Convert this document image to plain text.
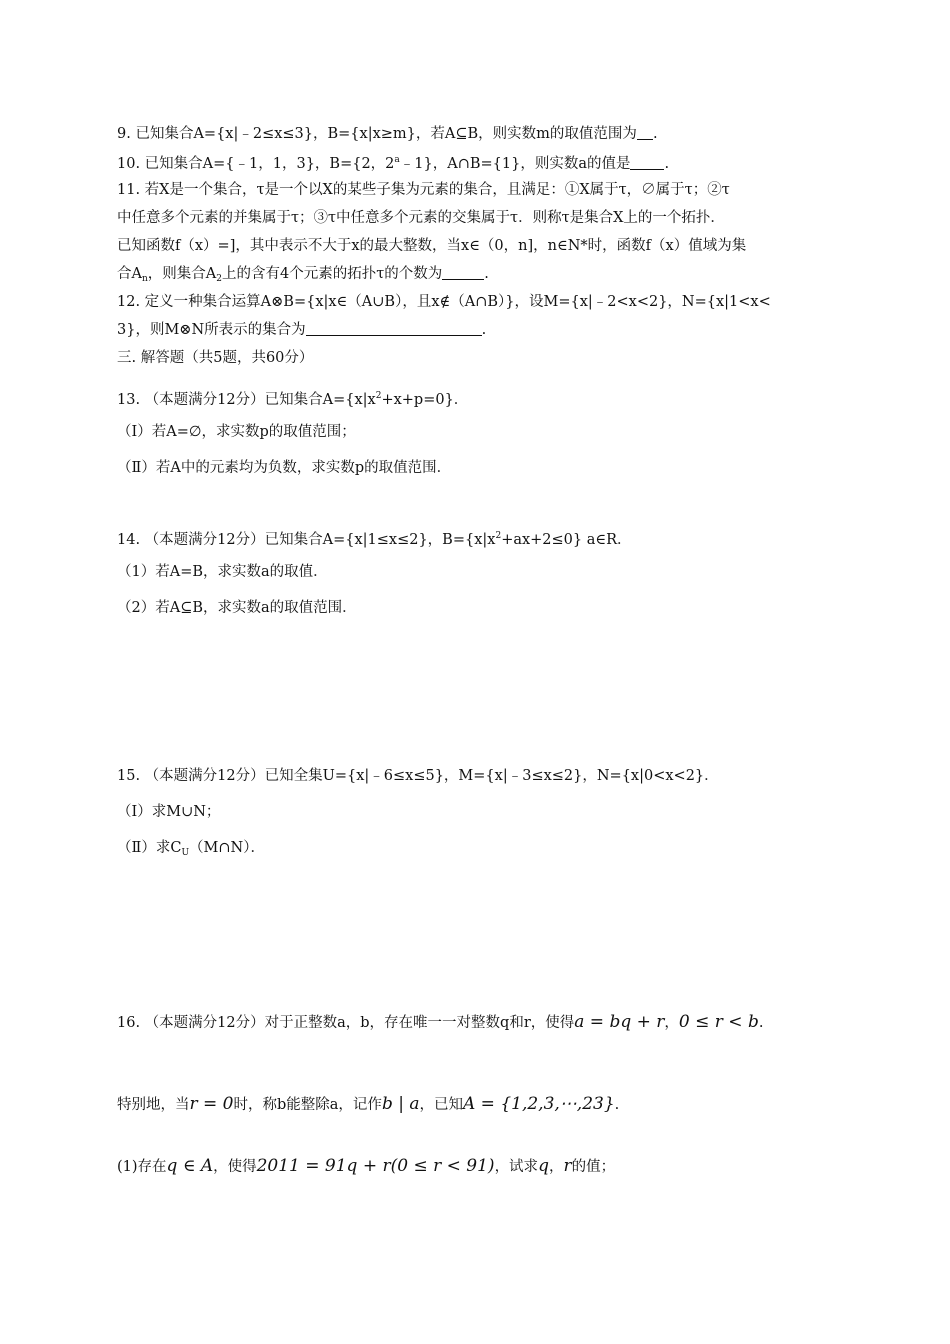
9. 已知集合A={x|﹣2≤x≤3}，B={x|x≥m}，若A⊆B，则实数m的取值范围为 .
10. 已知集合A={﹣1，1，3}，B={2，2$^a$﹣1}，A∩B={1}，则实数a的值是 .
11. 若X是一个集合，τ是一个以X的某些子集为元素的集合，且满足：①X属于τ，∅属于τ；②τ
中任意多个元素的并集属于τ；③τ中任意多个元素的交集属于τ．则称τ是集合X上的一个拓扑．
已知函数f（x）=]，其中表示不大于x的最大整数，当x∈（0，n]，n∈N*时，函数f（x）值域为集
合$A_n$，则集合$A_2$上的含有4个元素的拓扑τ的个数为	.
12. 定义一种集合运算A⊗B={x|x∈（A∪B），且x∉（A∩B）}，设M={x|﹣2<x<2}，N={x|1<x<
3}，则M⊗N所表示的集合为	.
三. 解答题（共5题，共60分）
13. （本题满分12分）已知集合$A=\{x|x^2+x+p=0\}$．
（Ⅰ）若A=∅，求实数p的取值范围；
（Ⅱ）若A中的元素均为负数，求实数p的取值范围．
14. （本题满分12分）已知集合A={x|1≤x≤2}，$B=\{x|x^2+ax+2\le 0\}$ a∈R．
（1）若A=B，求实数a的取值．
（2）若A⊆B，求实数a的取值范围．
15. （本题满分12分）已知全集U={x|﹣6≤x≤5}，M={x|﹣3≤x≤2}，N={x|0<x<2}．
（Ⅰ）求M∪N；
（Ⅱ）求$C_U(M\cap N)$．
16. （本题满分12分）对于正整数a，b，存在唯一一对整数q和r，使得a = bq + r，0 ≤ r < b.
特别地，当r = 0时，称b能整除a，记作b | a，已知A = {1,2,3,⋯,23}.
(1)存在q ∈ A，使得2011 = 91q + r(0 ≤ r < 91)，试求q，r的值；
